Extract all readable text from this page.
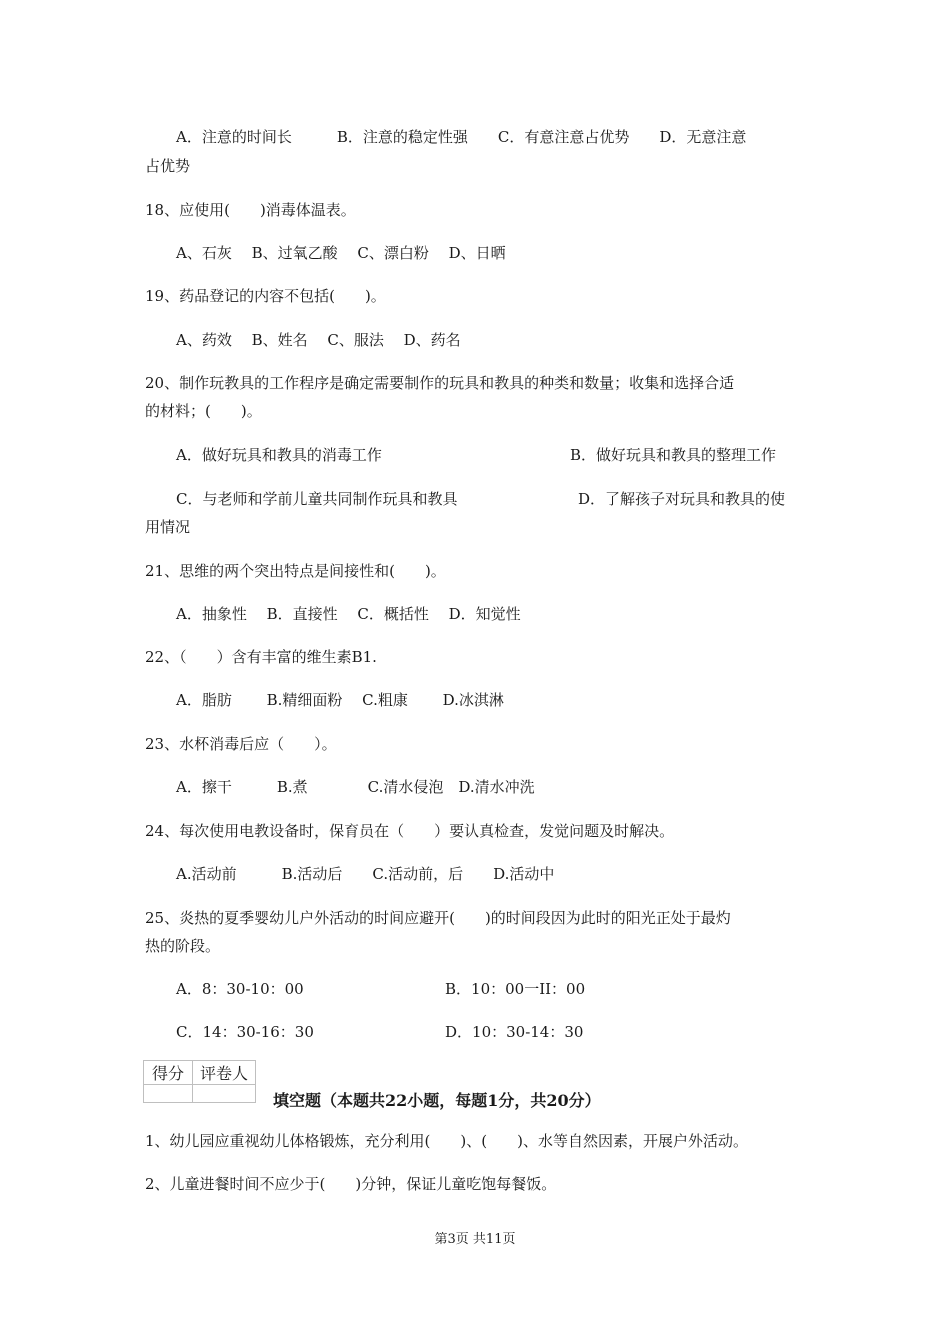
A．注意的时间长　　　B．注意的稳定性强　　C．有意注意占优势　　D．无意注意
占优势
18、应使用(　　)消毒体温表。
A、石灰　 B、过氧乙酸　 C、漂白粉　 D、日晒
19、药品登记的内容不包括(　　)。
A、药效　 B、姓名　 C、服法　 D、药名
20、制作玩教具的工作程序是确定需要制作的玩具和教具的种类和数量；收集和选择合适
的材料；(　　)。
A．做好玩具和教具的消毒工作	B．做好玩具和教具的整理工作
C．与老师和学前儿童共同制作玩具和教具	D．了解孩子对玩具和教具的使
用情况
21、思维的两个突出特点是间接性和(　　)。
A．抽象性　 B．直接性　 C．概括性　 D．知觉性
22、（　　）含有丰富的维生素B1.
A．脂肪　　 B.精细面粉　 C.粗康　　 D.冰淇淋
23、水杯消毒后应（　　）。
A．擦干　　　B.煮　　　　C.清水侵泡　D.清水冲洗
24、每次使用电教设备时，保育员在（　　）要认真检查，发觉问题及时解决。
A.活动前　　　B.活动后　　C.活动前，后　　D.活动中
25、炎热的夏季婴幼儿户外活动的时间应避开(　　)的时间段因为此时的阳光正处于最灼
热的阶段。
A．8：30-10：00	B．10：00一II：00
C．14：30-16：30	D．10：30-14：30
得分	评卷人

填空题（本题共22小题，每题1分，共20分）
1、幼儿园应重视幼儿体格锻炼，充分利用(　　)、(　　)、水等自然因素，开展户外活动。
2、儿童进餐时间不应少于(　　)分钟，保证儿童吃饱每餐饭。
第3页 共11页
